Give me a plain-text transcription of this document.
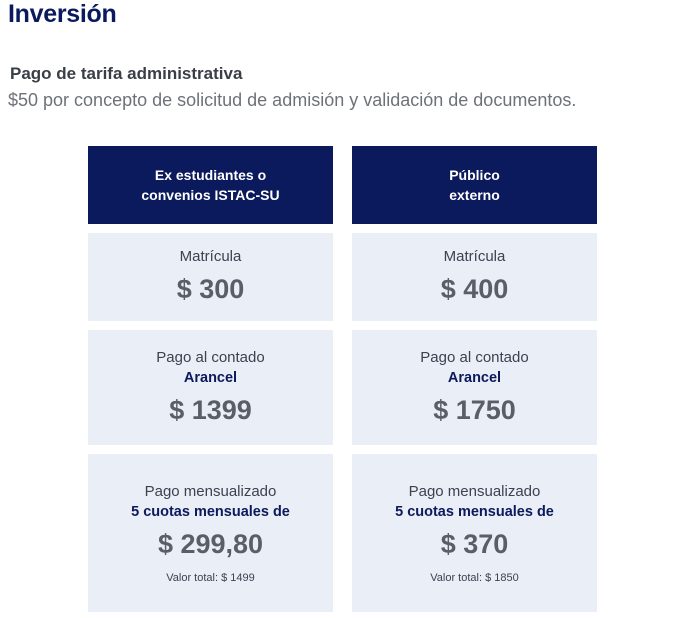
Inversión
Pago de tarifa administrativa
$50 por concepto de solicitud de admisión y validación de documentos.
Ex estudiantes o
convenios ISTAC-SU
Matrícula
$ 300
Pago al contado
Arancel
$ 1399
Pago mensualizado
5 cuotas mensuales de
$ 299,80
Valor total: $ 1499
Público
externo
Matrícula
$ 400
Pago al contado
Arancel
$ 1750
Pago mensualizado
5 cuotas mensuales de
$ 370
Valor total: $ 1850
